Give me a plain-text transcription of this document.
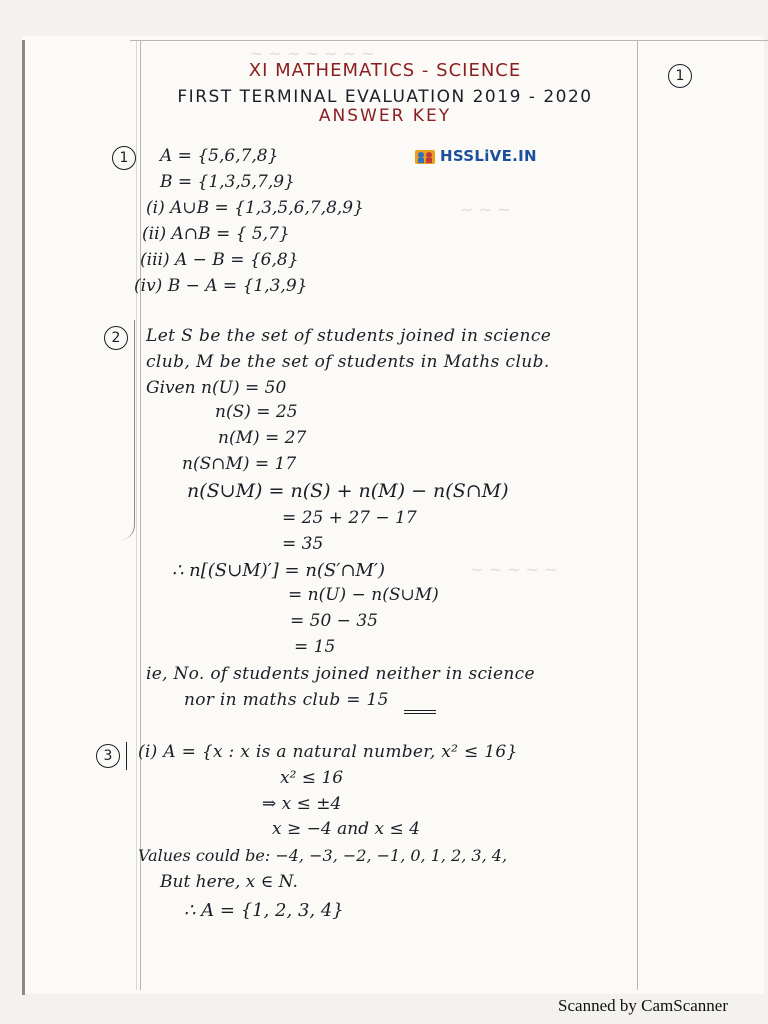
~ ~ ~ ~ ~ ~ ~
~ ~ ~
~ ~ ~ ~ ~
XI MATHEMATICS - SCIENCE
FIRST TERMINAL EVALUATION 2019 - 2020
ANSWER KEY
1
HSSLiVE.IN
1	A = {5,6,7,8}
B = {1,3,5,7,9}
(i) A∪B = {1,3,5,6,7,8,9}
(ii) A∩B = { 5,7}
(iii) A − B = {6,8}
(iv) B − A = {1,3,9}
2	Let S be the set of students joined in science
club, M be the set of students in Maths club.
Given n(U) = 50
n(S) = 25
n(M) = 27
n(S∩M) = 17
n(S∪M) = n(S) + n(M) − n(S∩M)
= 25 + 27 − 17
= 35
∴ n[(S∪M)′] = n(S′∩M′)
= n(U) − n(S∪M)
= 50 − 35
= 15
ie, No. of students joined neither in science
nor in maths club = 15
3	(i) A = {x : x is a natural number, x² ≤ 16}
x² ≤ 16
⇒ x ≤ ±4
x ≥ −4 and x ≤ 4
Values could be: −4, −3, −2, −1, 0, 1, 2, 3, 4,
But here, x ∈ N.
∴ A = {1, 2, 3, 4}
Scanned by CamScanner
